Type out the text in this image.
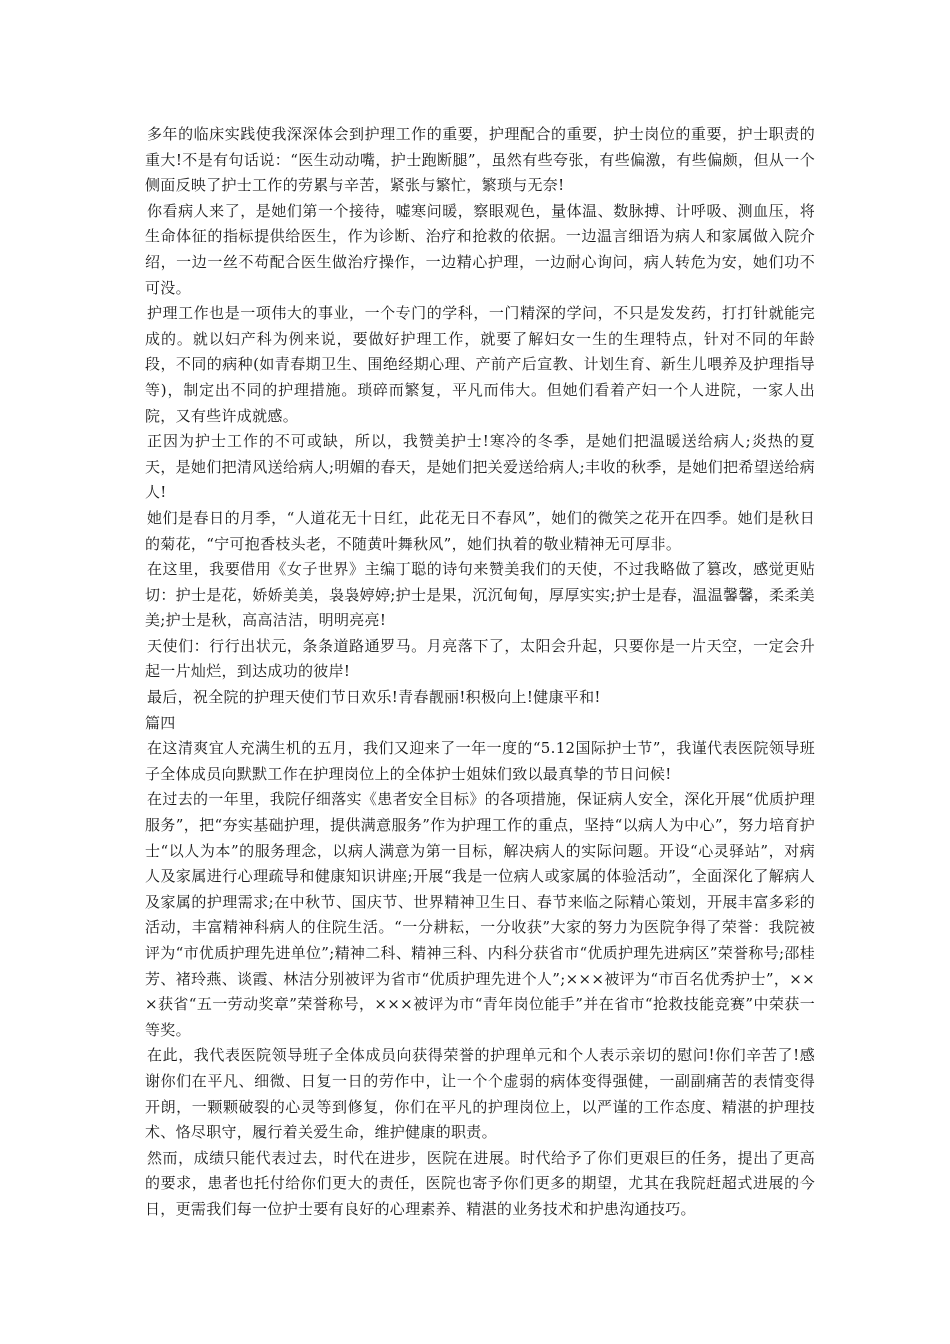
多年的临床实践使我深深体会到护理工作的重要，护理配合的重要，护士岗位的重要，护士职责的重大!不是有句话说：“医生动动嘴，护士跑断腿”，虽然有些夸张，有些偏激，有些偏颇，但从一个侧面反映了护士工作的劳累与辛苦，紧张与繁忙，繁琐与无奈!

你看病人来了，是她们第一个接待，嘘寒问暖，察眼观色，量体温、数脉搏、计呼吸、测血压，将生命体征的指标提供给医生，作为诊断、治疗和抢救的依据。一边温言细语为病人和家属做入院介绍，一边一丝不苟配合医生做治疗操作，一边精心护理，一边耐心询问，病人转危为安，她们功不可没。

护理工作也是一项伟大的事业，一个专门的学科，一门精深的学问，不只是发发药，打打针就能完成的。就以妇产科为例来说，要做好护理工作，就要了解妇女一生的生理特点，针对不同的年龄段，不同的病种(如青春期卫生、围绝经期心理、产前产后宣教、计划生育、新生儿喂养及护理指导等)，制定出不同的护理措施。琐碎而繁复，平凡而伟大。但她们看着产妇一个人进院，一家人出院，又有些许成就感。

正因为护士工作的不可或缺，所以，我赞美护士!寒冷的冬季，是她们把温暖送给病人;炎热的夏天，是她们把清风送给病人;明媚的春天，是她们把关爱送给病人;丰收的秋季，是她们把希望送给病人!

她们是春日的月季，“人道花无十日红，此花无日不春风”，她们的微笑之花开在四季。她们是秋日的菊花，“宁可抱香枝头老，不随黄叶舞秋风”，她们执着的敬业精神无可厚非。

在这里，我要借用《女子世界》主编丁聪的诗句来赞美我们的天使，不过我略做了篡改，感觉更贴切：护士是花，娇娇美美，袅袅婷婷;护士是果，沉沉甸甸，厚厚实实;护士是春，温温馨馨，柔柔美美;护士是秋，高高洁洁，明明亮亮!

天使们：行行出状元，条条道路通罗马。月亮落下了，太阳会升起，只要你是一片天空，一定会升起一片灿烂，到达成功的彼岸!

最后，祝全院的护理天使们节日欢乐!青春靓丽!积极向上!健康平和!

篇四

在这清爽宜人充满生机的五月，我们又迎来了一年一度的“5.12国际护士节”，我谨代表医院领导班子全体成员向默默工作在护理岗位上的全体护士姐妹们致以最真挚的节日问候!

在过去的一年里，我院仔细落实《患者安全目标》的各项措施，保证病人安全，深化开展“优质护理服务”，把“夯实基础护理，提供满意服务”作为护理工作的重点，坚持“以病人为中心”，努力培育护士“以人为本”的服务理念，以病人满意为第一目标，解决病人的实际问题。开设“心灵驿站”，对病人及家属进行心理疏导和健康知识讲座;开展“我是一位病人或家属的体验活动”，全面深化了解病人及家属的护理需求;在中秋节、国庆节、世界精神卫生日、春节来临之际精心策划，开展丰富多彩的活动，丰富精神科病人的住院生活。“一分耕耘，一分收获”大家的努力为医院争得了荣誉：我院被评为“市优质护理先进单位”;精神二科、精神三科、内科分获省市“优质护理先进病区”荣誉称号;邵桂芳、褚玲燕、谈霞、林洁分别被评为省市“优质护理先进个人”;×××被评为“市百名优秀护士”，×××获省“五一劳动奖章”荣誉称号，×××被评为市“青年岗位能手”并在省市“抢救技能竞赛”中荣获一等奖。

在此，我代表医院领导班子全体成员向获得荣誉的护理单元和个人表示亲切的慰问!你们辛苦了!感谢你们在平凡、细微、日复一日的劳作中，让一个个虚弱的病体变得强健，一副副痛苦的表情变得开朗，一颗颗破裂的心灵等到修复，你们在平凡的护理岗位上，以严谨的工作态度、精湛的护理技术、恪尽职守，履行着关爱生命，维护健康的职责。

然而，成绩只能代表过去，时代在进步，医院在进展。时代给予了你们更艰巨的任务，提出了更高的要求，患者也托付给你们更大的责任，医院也寄予你们更多的期望，尤其在我院赶超式进展的今日，更需我们每一位护士要有良好的心理素养、精湛的业务技术和护患沟通技巧。
